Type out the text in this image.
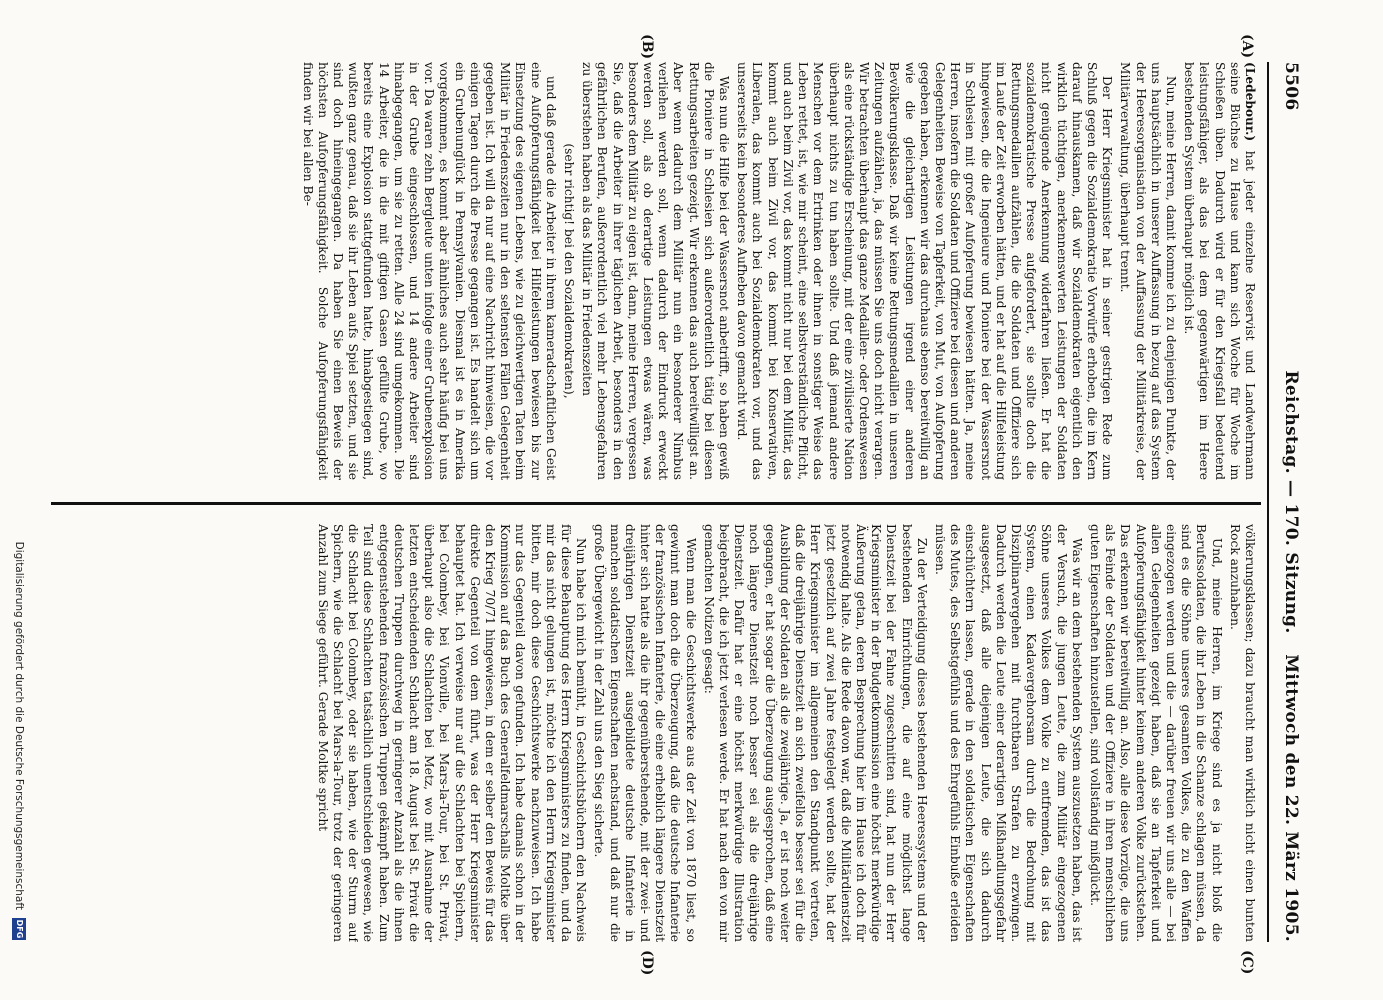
5506
Reichstag. — 170. Sitzung.
Mittwoch den 22. März 1905.
(A)
(B)
(C)
(D)

(Ledebour.) hat jeder einzelne Reservist und Landwehrmann seine Büchse zu Hause und kann sich Woche für Woche im Schießen üben. Dadurch wird er für den Kriegsfall bedeutend leistungsfähiger, als das bei dem gegenwärtigen im Heere bestehenden System überhaupt möglich ist.

Nun, meine Herren, damit komme ich zu denjenigen Punkte, der uns hauptsächlich in unserer Auffassung in bezug auf das System der Heeresorganisation von der Auffassung der Militärkreise, der Militärverwaltung, überhaupt trennt.

Der Herr Kriegsminister hat in seiner gestrigen Rede zum Schluß gegen die Sozialdemokratie Vorwürfe erhoben, die im Kern darauf hinauskamen, daß wir Sozialdemokraten eigentlich den wirklich tüchtigen, anerkennenswerten Leistungen der Soldaten nicht genügende Anerkennung widerfahren ließen. Er hat die sozialdemokratische Presse aufgefordert, sie sollte doch die Rettungsmedaillen aufzählen, die die Soldaten und Offiziere sich im Laufe der Zeit erworben hätten, und er hat auf die Hilfeleistung hingewiesen, die die Ingenieure und Pioniere bei der Wassersnot in Schlesien mit großer Aufopferung bewiesen hätten. Ja, meine Herren, insofern die Soldaten und Offiziere bei diesen und anderen Gelegenheiten Beweise von Tapferkeit, von Mut, von Aufopferung gegeben haben, erkennen wir das durchaus ebenso bereitwillig an wie die gleichartigen Leistungen irgend einer anderen Bevölkerungsklasse. Daß wir keine Rettungsmedaillen in unseren Zeitungen aufzählen, ja, das müssen Sie uns doch nicht verargen. Wir betrachten überhaupt das ganze Medaillen- oder Ordenswesen als eine rückständige Erscheinung, mit der eine zivilisierte Nation überhaupt nichts zu tun haben sollte. Und daß jemand andere Menschen vor dem Ertrinken oder ihnen in sonstiger Weise das Leben rettet, ist, wie mir scheint, eine selbstverständliche Pflicht, und auch beim Zivil vor, das kommt nicht nur bei dem Militär, das kommt auch beim Zivil vor, das kommt bei Konservativen, Liberalen, das kommt auch bei Sozialdemokraten vor, und das unsererseits kein besonderes Aufheben davon gemacht wird.

Was nun die Hilfe bei der Wassersnot anbetrifft, so haben gewiß die Pioniere in Schlesien sich außerordentlich tätig bei diesen Rettungsarbeiten gezeigt. Wir erkennen das auch bereitwilligst an. Aber wenn dadurch dem Militär nun ein besonderer Nimbus verliehen werden soll, wenn dadurch der Eindruck erweckt werden soll, als ob derartige Leistungen etwas wären, was besonders dem Militär zu eigen ist, dann, meine Herren, vergessen Sie, daß die Arbeiter in ihrer täglichen Arbeit, besonders in den gefährlichen Berufen, außerordentlich viel mehr Lebensgefahren zu überstehen haben als das Militär in Friedenszeiten

(sehr richtig! bei den Sozialdemokraten),

und daß gerade die Arbeiter in ihrem kameradschaftlichen Geist eine Aufopferungsfähigkeit bei Hilfeleistungen bewiesen bis zur Einsetzung des eigenen Lebens, wie zu gleichwertigen Taten beim Militär in Friedenszeiten nur in den seltensten Fällen Gelegenheit gegeben ist. Ich will da nur auf eine Nachricht hinweisen, die vor einigen Tagen durch die Presse gegangen ist. Es handelt sich um ein Grubenunglück in Pennsylvanien. Diesmal ist es in Amerika vorgekommen, es kommt aber ähnliches auch sehr häufig bei uns vor. Da waren zehn Bergleute unten infolge einer Grubenexplosion in der Grube eingeschlossen, und 14 andere Arbeiter sind hinabgegangen, um sie zu retten. Alle 24 sind umgekommen. Die 14 Arbeiter, die in die mit giftigen Gasen gefüllte Grube, wo bereits eine Explosion stattgefunden hatte, hinabgestiegen sind, wußten ganz genau, daß sie ihr Leben aufs Spiel setzten, und sie sind doch hineingegangen. Da haben Sie einen Beweis der höchsten Aufopferungsfähigkeit. Solche Aufopferungsfähigkeit finden wir bei allen Be-

völkerungsklassen; dazu braucht man wirklich nicht einen bunten Rock anzuhaben.

Und, meine Herren, im Kriege sind es ja nicht bloß die Berufssoldaten, die ihr Leben in die Schanze schlagen müssen, da sind es die Söhne unseres gesamten Volkes, die zu den Waffen eingezogen werden und die — darüber freuen wir uns alle — bei allen Gelegenheiten gezeigt haben, daß sie an Tapferkeit und Aufopferungsfähigkeit hinter keinem anderen Volke zurückstehen. Das erkennen wir bereitwillig an. Also, alle diese Vorzüge, die uns als Feinde der Soldaten und der Offiziere in ihren menschlichen guten Eigenschaften hinzustellen, sind vollständig mißglückt.

Was wir an dem bestehenden System auszusetzen haben, das ist der Versuch, die jungen Leute, die zum Militär eingezogenen Söhne unseres Volkes dem Volke zu entfremden, das ist das System, einen Kadavergehorsam durch die Bedrohung mit Disziplinarvergehen mit furchtbaren Strafen zu erzwingen. Dadurch werden die Leute einer derartigen Mißhandlungsgefahr ausgesetzt, daß alle diejenigen Leute, die sich dadurch einschüchtern lassen, gerade in den soldatischen Eigenschaften des Mutes, des Selbstgefühls und des Ehrgefühls Einbuße erleiden müssen.

Zu der Verteidigung dieses bestehenden Heeressystems und der bestehenden Einrichtungen, die auf eine möglichst lange Dienstzeit bei der Fahne zugeschnitten sind, hat nun der Herr Kriegsminister in der Budgetkommission eine höchst merkwürdige Äußerung getan, deren Besprechung hier im Hause ich doch für notwendig halte. Als die Rede davon war, daß die Militärdienstzeit jetzt gesetzlich auf zwei Jahre festgelegt werden sollte, hat der Herr Kriegsminister im allgemeinen den Standpunkt vertreten, daß die dreijährige Dienstzeit an sich zweifellos besser sei für die Ausbildung der Soldaten als die zweijährige. Ja, er ist noch weiter gegangen, er hat sogar die Überzeugung ausgesprochen, daß eine noch längere Dienstzeit noch besser sei als die dreijährige Dienstzeit. Dafür hat er eine höchst merkwürdige Illustration beigebracht, die ich jetzt verlesen werde. Er hat nach den von mir gemachten Notizen gesagt:

Wenn man die Geschichtswerke aus der Zeit von 1870 liest, so gewinnt man doch die Überzeugung, daß die deutsche Infanterie der französischen Infanterie, die eine erheblich längere Dienstzeit hinter sich hatte als die ihr gegenüberstehende, mit der zwei- und dreijährigen Dienstzeit ausgebildete deutsche Infanterie in manchen soldatischen Eigenschaften nachstand, und daß nur die große Übergewicht in der Zahl uns den Sieg sicherte.

Nun habe ich mich bemüht, in Geschichtsbüchern den Nachweis für diese Behauptung des Herrn Kriegsministers zu finden, und da mir das nicht gelungen ist, möchte ich den Herrn Kriegsminister bitten, mir doch diese Geschichtswerke nachzuweisen. Ich habe nur das Gegenteil davon gefunden. Ich habe damals schon in der Kommission auf das Buch des Generalfeldmarschalls Moltke über den Krieg 70/71 hingewiesen, in dem er selber den Beweis für das direkte Gegenteil von dem führt, was der Herr Kriegsminister behauptet hat. Ich verweise nur auf die Schlachten bei Spichern, bei Colombey, bei Vionville, bei Mars-la-Tour, bei St. Privat, überhaupt also die Schlachten bei Metz, wo mit Ausnahme der letzten entscheidenden Schlacht am 18. August bei St. Privat die deutschen Truppen durchweg in geringerer Anzahl als die ihnen entgegenstehenden französischen Truppen gekämpft haben. Zum Teil sind diese Schlachten tatsächlich unentschieden gewesen, wie die Schlacht bei Colombey, oder sie haben, wie der Sturm auf Spichern, wie die Schlacht bei Mars-la-Tour, trotz der geringeren Anzahl zum Siege geführt. Gerade Moltke spricht

Digitalisierung gefördert durch die Deutsche Forschungsgemeinschaft
DFG
